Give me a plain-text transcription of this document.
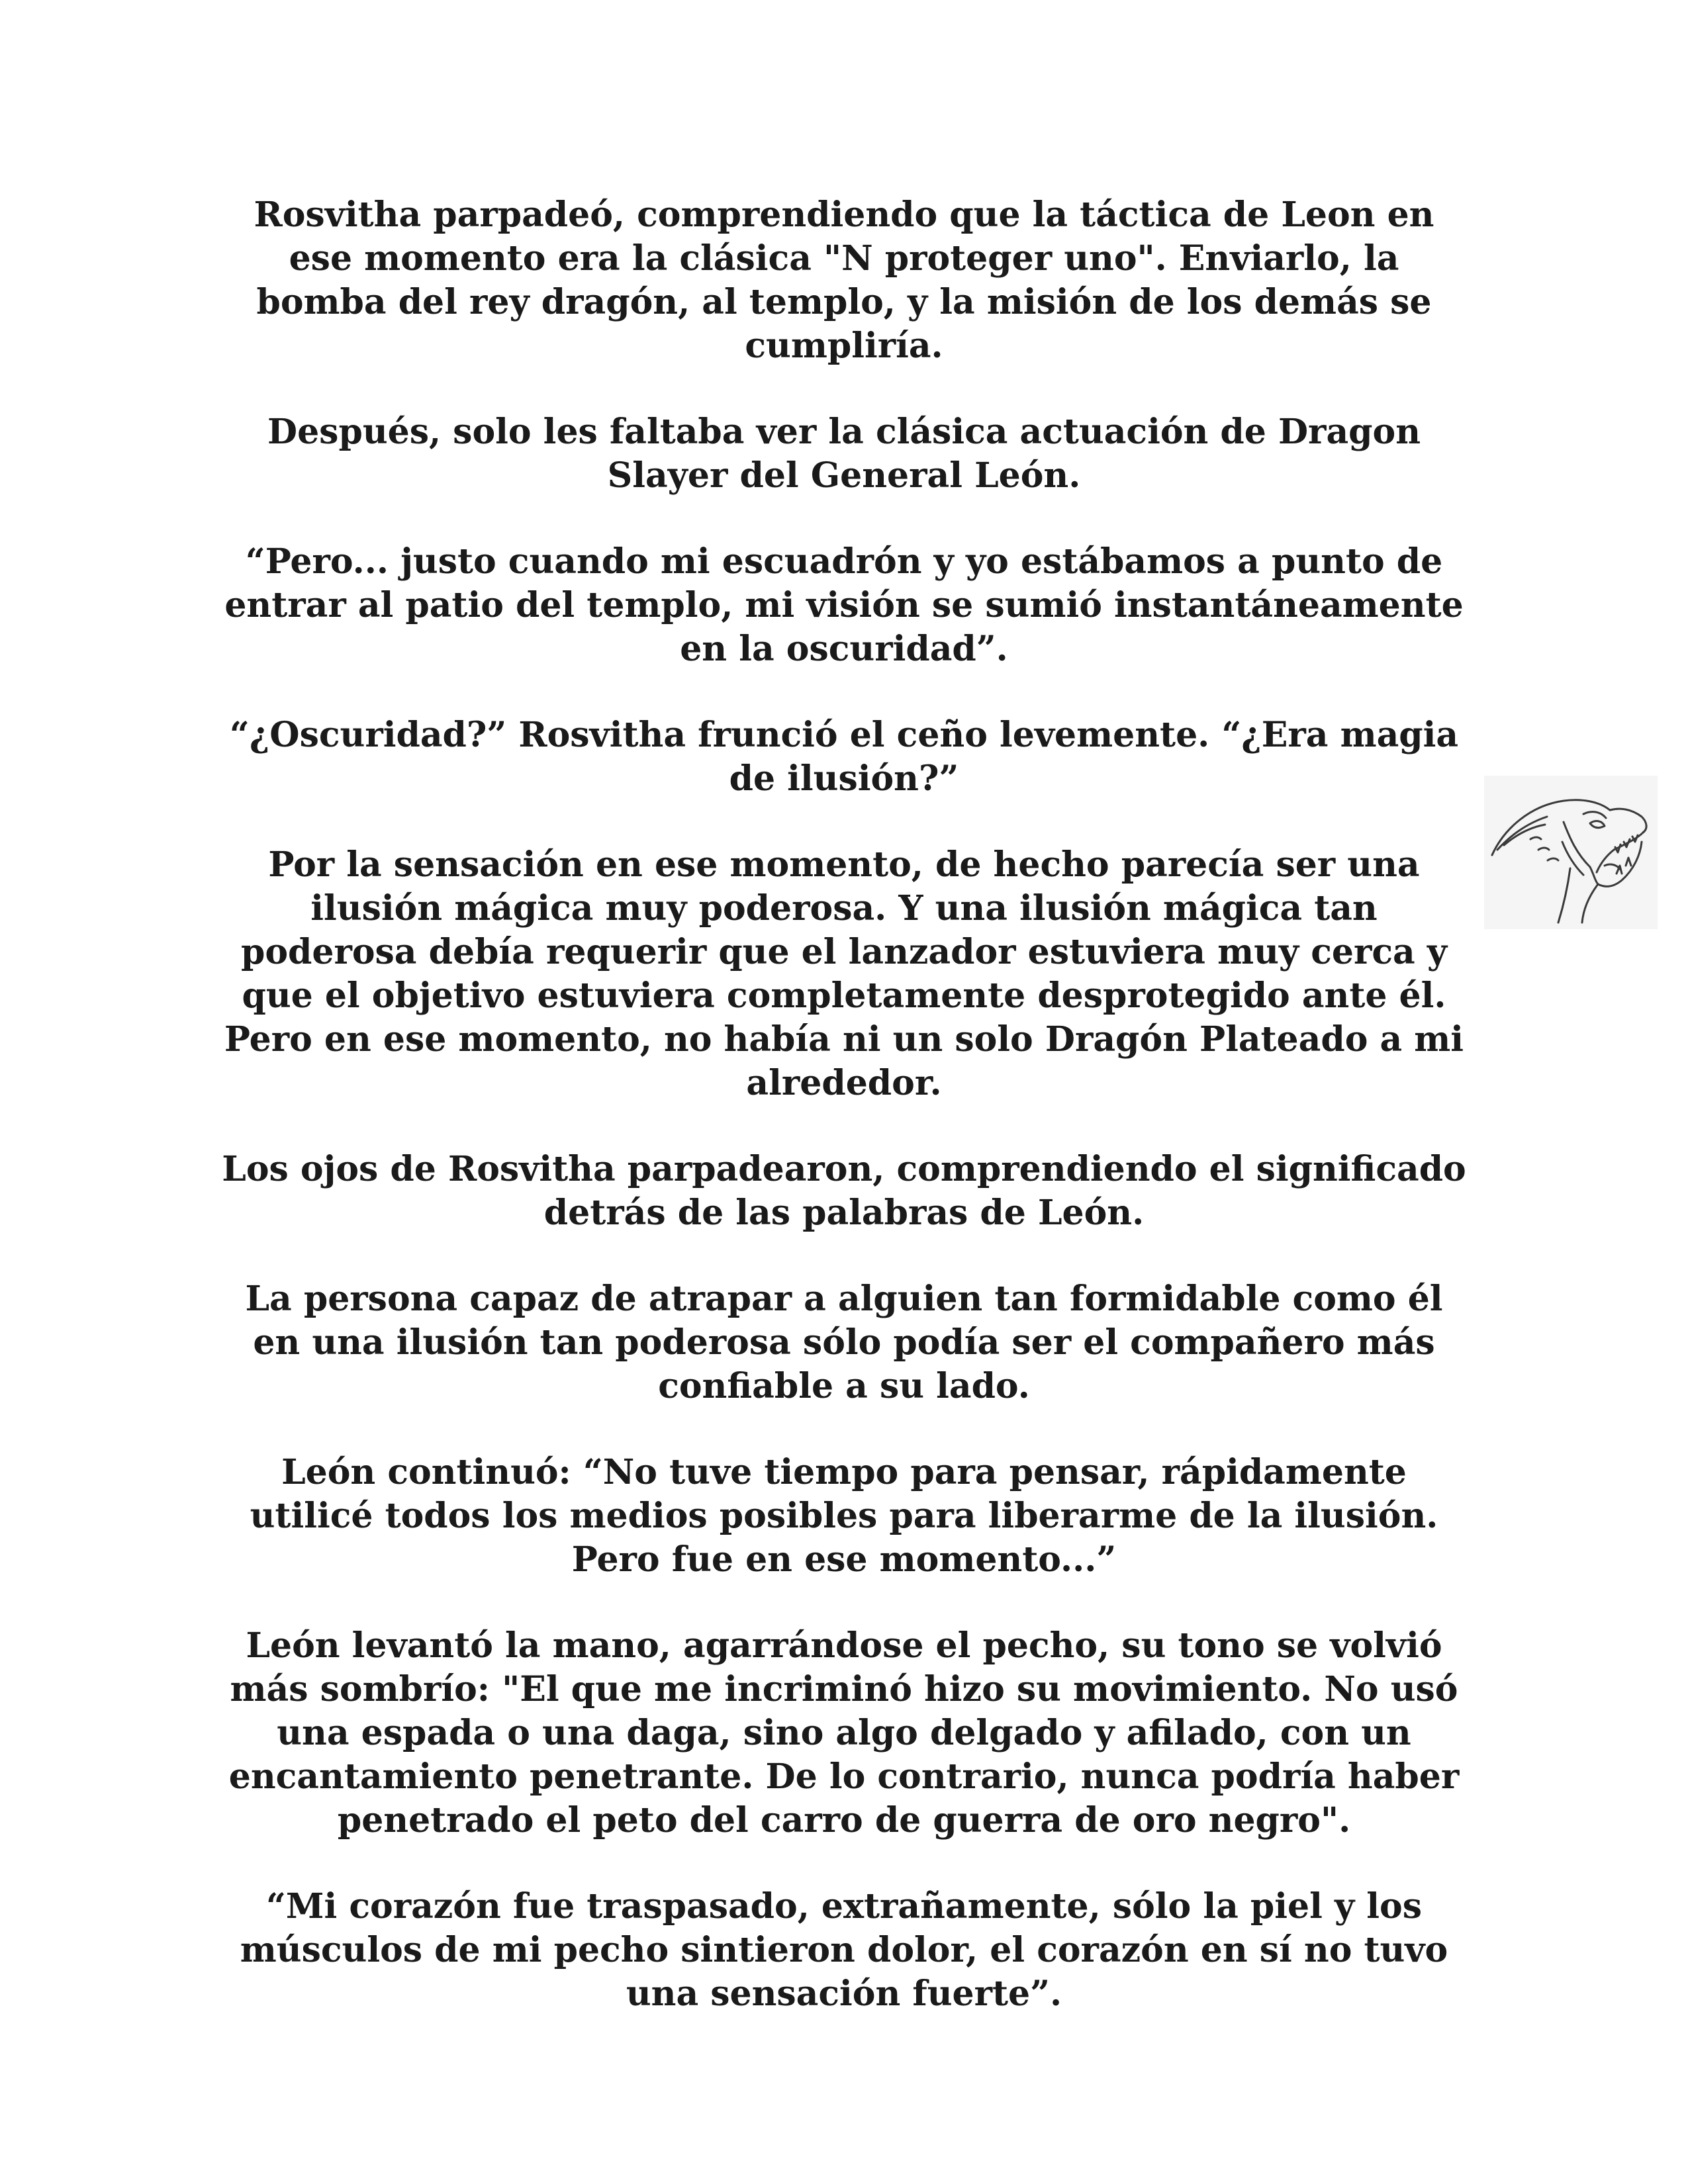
Rosvitha parpadeó, comprendiendo que la táctica de Leon en ese momento era la clásica "N proteger uno". Enviarlo, la bomba del rey dragón, al templo, y la misión de los demás se cumpliría.

Después, solo les faltaba ver la clásica actuación de Dragon Slayer del General León.

“Pero... justo cuando mi escuadrón y yo estábamos a punto de entrar al patio del templo, mi visión se sumió instantáneamente en la oscuridad”.

“¿Oscuridad?” Rosvitha frunció el ceño levemente. “¿Era magia de ilusión?”

Por la sensación en ese momento, de hecho parecía ser una ilusión mágica muy poderosa. Y una ilusión mágica tan poderosa debía requerir que el lanzador estuviera muy cerca y que el objetivo estuviera completamente desprotegido ante él. Pero en ese momento, no había ni un solo Dragón Plateado a mi alrededor.

Los ojos de Rosvitha parpadearon, comprendiendo el significado detrás de las palabras de León.

La persona capaz de atrapar a alguien tan formidable como él en una ilusión tan poderosa sólo podía ser el compañero más confiable a su lado.

León continuó: “No tuve tiempo para pensar, rápidamente utilicé todos los medios posibles para liberarme de la ilusión. Pero fue en ese momento...”

León levantó la mano, agarrándose el pecho, su tono se volvió más sombrío: "El que me incriminó hizo su movimiento. No usó una espada o una daga, sino algo delgado y afilado, con un encantamiento penetrante. De lo contrario, nunca podría haber penetrado el peto del carro de guerra de oro negro".

“Mi corazón fue traspasado, extrañamente, sólo la piel y los músculos de mi pecho sintieron dolor, el corazón en sí no tuvo una sensación fuerte”.
